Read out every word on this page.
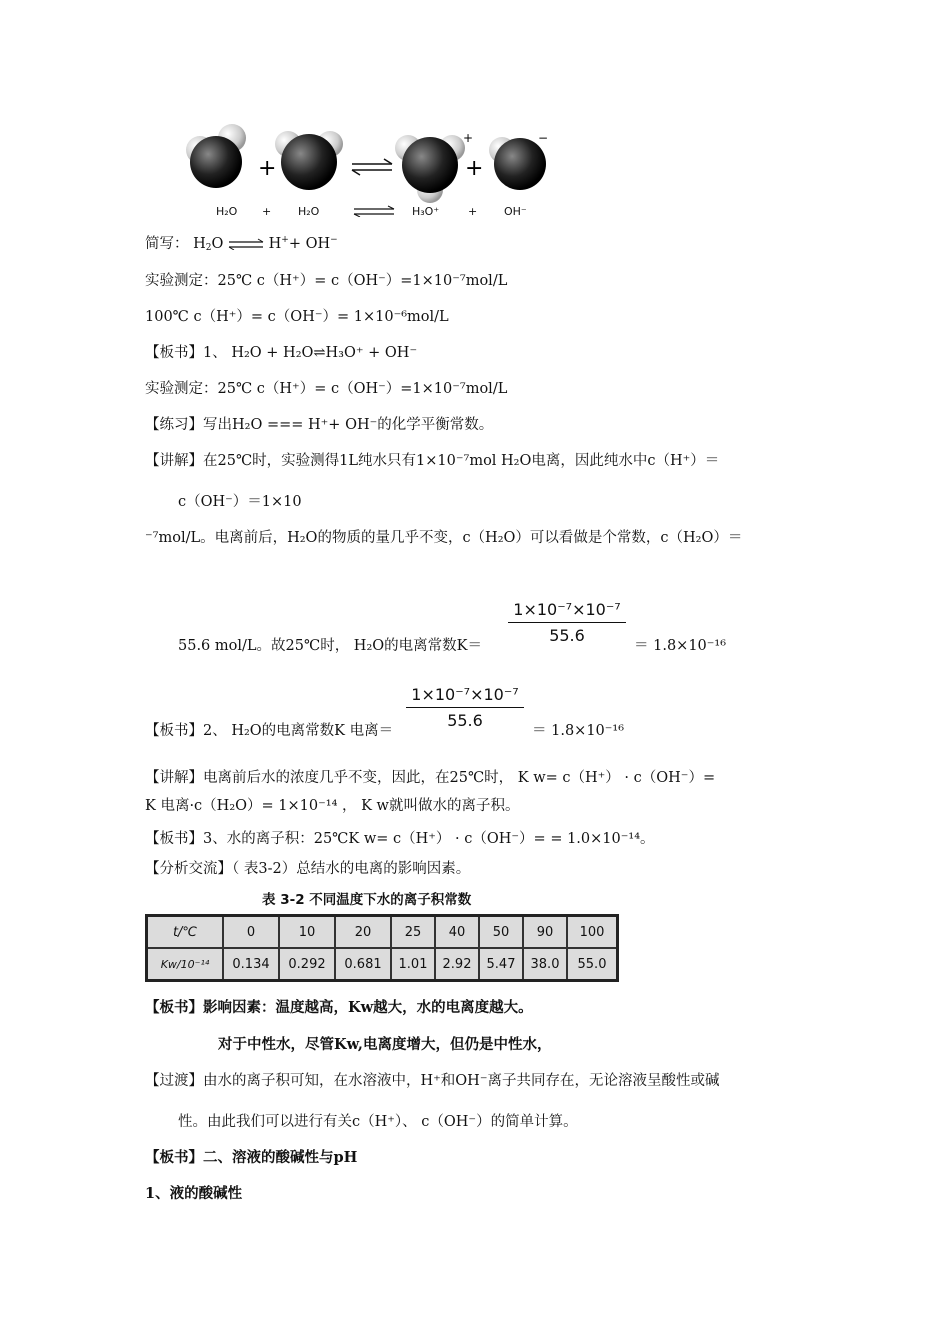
+
+
+
−
H₂O + H₂O	H₃O⁺	+ OH⁻
简写： $H_2O$ ⇌ H++ OH−
实验测定：25℃ c（H⁺）= c（OH⁻）=1×10⁻⁷mol/L
100℃ c（H⁺）= c（OH⁻）= 1×10⁻⁶mol/L
【板书】1、 H₂O + H₂O⇌H₃O⁺ + OH⁻
实验测定：25℃ c（H⁺）= c（OH⁻）=1×10⁻⁷mol/L
【练习】写出H₂O === H⁺+ OH⁻的化学平衡常数。
【讲解】在25℃时，实验测得1L纯水只有1×10⁻⁷mol H₂O电离，因此纯水中c（H⁺）＝
c（OH⁻）＝1×10
⁻⁷mol/L。电离前后，H₂O的物质的量几乎不变，c（H₂O）可以看做是个常数，c（H₂O）＝
55.6 mol/L。故25℃时， H₂O的电离常数K＝
1×10⁻⁷×10⁻⁷
55.6
＝ 1.8×10⁻¹⁶
【板书】2、 H₂O的电离常数K 电离＝
1×10⁻⁷×10⁻⁷
55.6
＝ 1.8×10⁻¹⁶
【讲解】电离前后水的浓度几乎不变，因此，在25℃时， K w= c（H⁺） · c（OH⁻）=
K 电离·c（H₂O）= 1×10⁻¹⁴ ， K w就叫做水的离子积。
【板书】3、水的离子积：25℃K w= c（H⁺） · c（OH⁻）= = 1.0×10⁻¹⁴。
【分析交流】（ 表3-2）总结水的电离的影响因素。
表 3-2 不同温度下水的离子积常数
t/℃	0	10	20	25	40	50	90	100
Kw/10⁻¹⁴	0.134	0.292	0.681	1.01	2.92	5.47	38.0	55.0
【板书】影响因素：温度越高，Kw越大，水的电离度越大。
对于中性水，尽管Kw,电离度增大，但仍是中性水，
【过渡】由水的离子积可知，在水溶液中，H⁺和OH⁻离子共同存在，无论溶液呈酸性或碱
性。由此我们可以进行有关c（H⁺）、 c（OH⁻）的简单计算。
【板书】二、溶液的酸碱性与pH
1、液的酸碱性
